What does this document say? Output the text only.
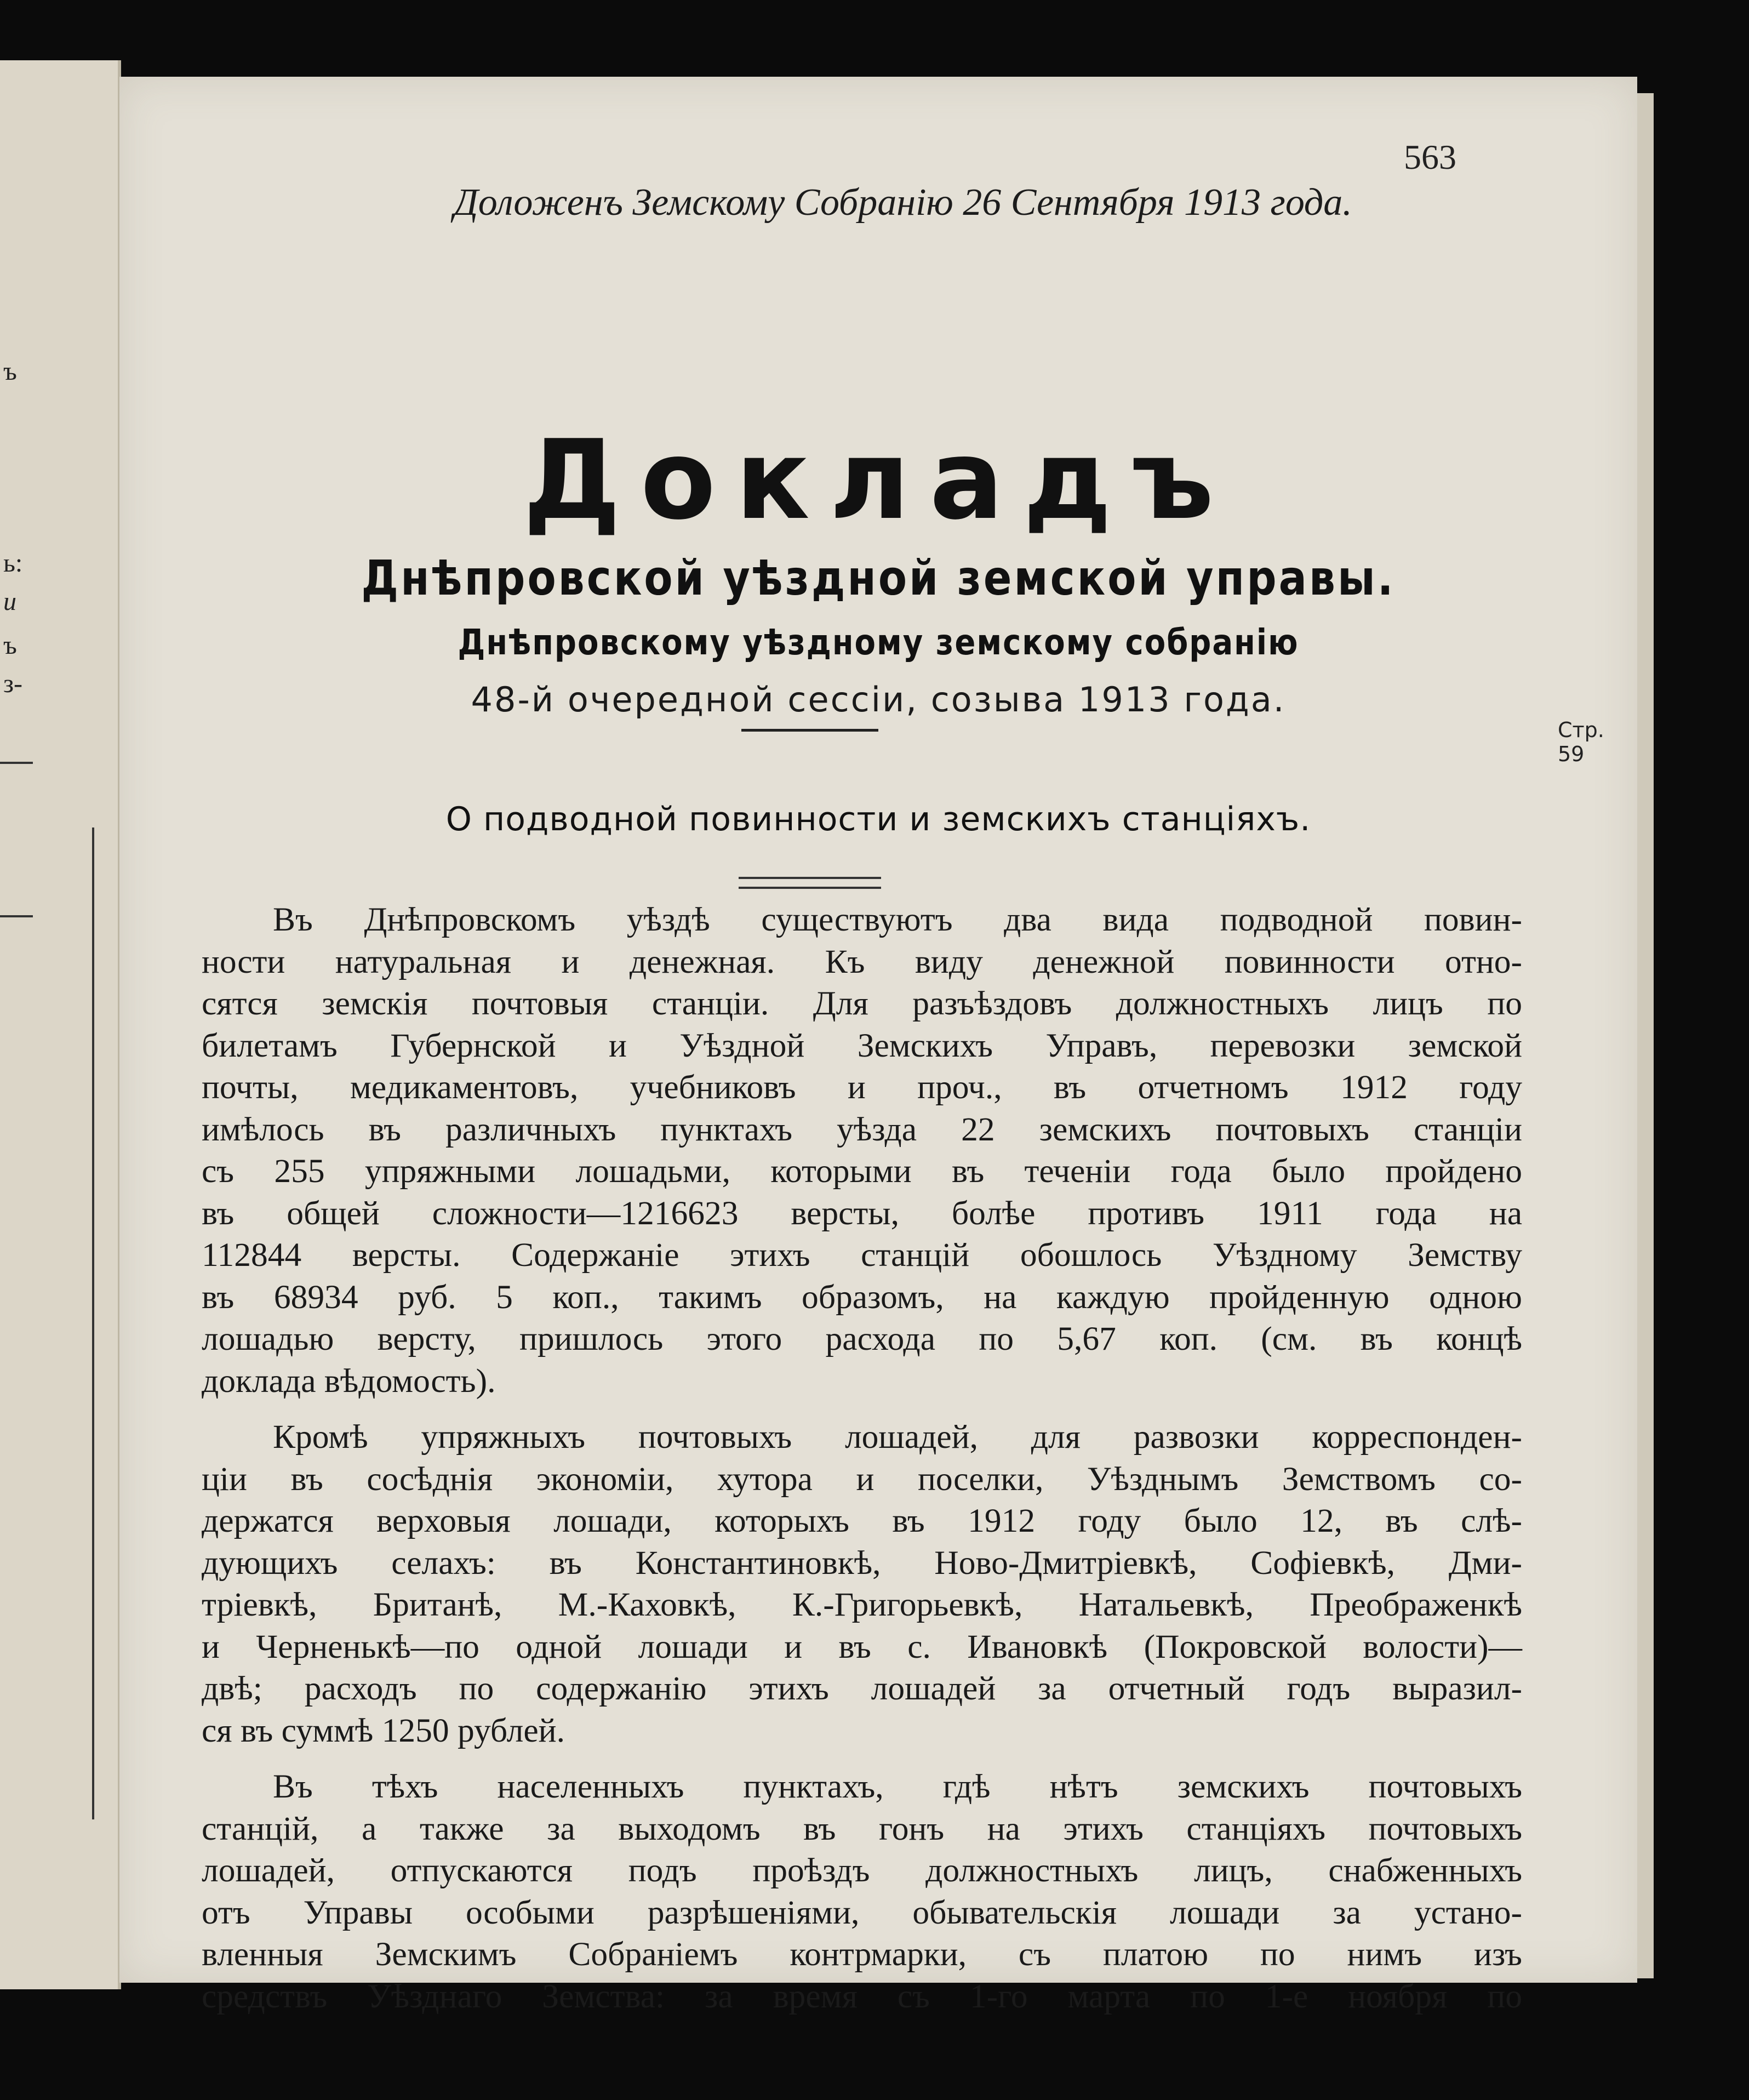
ъ
ь:
и
ъ
з-
563
Доложенъ Земскому Собранію 26 Сентября 1913 года.
Докладъ
Днѣпровской уѣздной земской управы.
Днѣпровскому уѣздному земскому собранію
48-й очередной сессіи, созыва 1913 года.
Стр. 59
О подводной повинности и земскихъ станціяхъ.
Въ Днѣпровскомъ уѣздѣ существуютъ два вида подводной повин-
ности натуральная и денежная. Къ виду денежной повинности отно-
сятся земскія почтовыя станціи. Для разъѣздовъ должностныхъ лицъ по
билетамъ Губернской и Уѣздной Земскихъ Управъ, перевозки земской
почты, медикаментовъ, учебниковъ и проч., въ отчетномъ 1912 году
имѣлось въ различныхъ пунктахъ уѣзда 22 земскихъ почтовыхъ станціи
съ 255 упряжными лошадьми, которыми въ теченіи года было пройдено
въ общей сложности—1216623 версты, болѣе противъ 1911 года на
112844 версты. Содержаніе этихъ станцій обошлось Уѣздному Земству
въ 68934 руб. 5 коп., такимъ образомъ, на каждую пройденную одною
лошадью версту, пришлось этого расхода по 5,67 коп. (см. въ концѣ
доклада вѣдомость).
Кромѣ упряжныхъ почтовыхъ лошадей, для развозки корреспонден-
ціи въ сосѣднія экономіи, хутора и поселки, Уѣзднымъ Земствомъ со-
держатся верховыя лошади, которыхъ въ 1912 году было 12, въ слѣ-
дующихъ селахъ: въ Константиновкѣ, Ново-Дмитріевкѣ, Софіевкѣ, Дми-
тріевкѣ, Британѣ, М.-Каховкѣ, К.-Григорьевкѣ, Натальевкѣ, Преображенкѣ
и Черненькѣ—по одной лошади и въ с. Ивановкѣ (Покровской волости)—
двѣ; расходъ по содержанію этихъ лошадей за отчетный годъ выразил-
ся въ суммѣ 1250 рублей.
Въ тѣхъ населенныхъ пунктахъ, гдѣ нѣтъ земскихъ почтовыхъ
станцій, а также за выходомъ въ гонъ на этихъ станціяхъ почтовыхъ
лошадей, отпускаются подъ проѣздъ должностныхъ лицъ, снабженныхъ
отъ Управы особыми разрѣшеніями, обывательскія лошади за устано-
вленныя Земскимъ Собраніемъ контрмарки, съ платою по нимъ изъ
средствъ Уѣзднаго Земства: за время съ 1-го марта по 1-е ноября по
